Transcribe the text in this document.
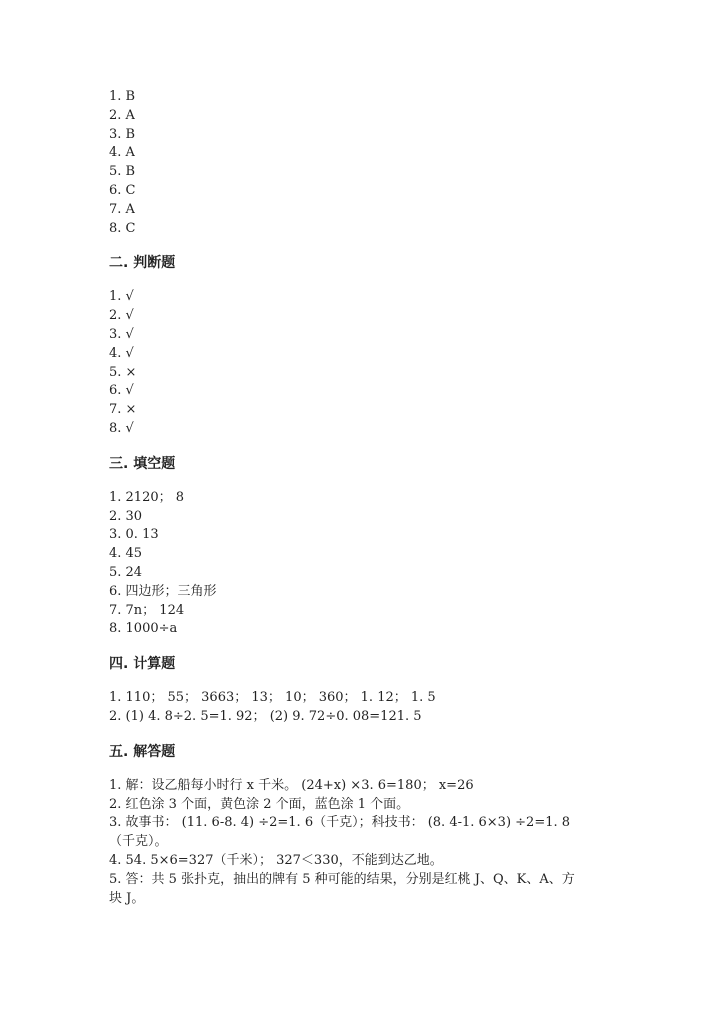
1. B
2. A
3. B
4. A
5. B
6. C
7. A
8. C
二. 判断题
1. √
2. √
3. √
4. √
5. ×
6. √
7. ×
8. √
三. 填空题
1. 2120； 8
2. 30
3. 0. 13
4. 45
5. 24
6. 四边形；三角形
7. 7n； 124
8. 1000÷a
四. 计算题
1. 110； 55； 3663； 13； 10； 360； 1. 12； 1. 5
2. (1) 4. 8÷2. 5=1. 92； (2) 9. 72÷0. 08=121. 5
五. 解答题
1. 解：设乙船每小时行 x 千米。 (24+x) ×3. 6=180； x=26
2. 红色涂 3 个面，黄色涂 2 个面，蓝色涂 1 个面。
3. 故事书： (11. 6-8. 4) ÷2=1. 6（千克）；科技书： (8. 4-1. 6×3) ÷2=1. 8
（千克）。
4. 54. 5×6=327（千米）； 327＜330，不能到达乙地。
5. 答：共 5 张扑克，抽出的牌有 5 种可能的结果，分别是红桃 J、Q、K、A、方
块 J。
